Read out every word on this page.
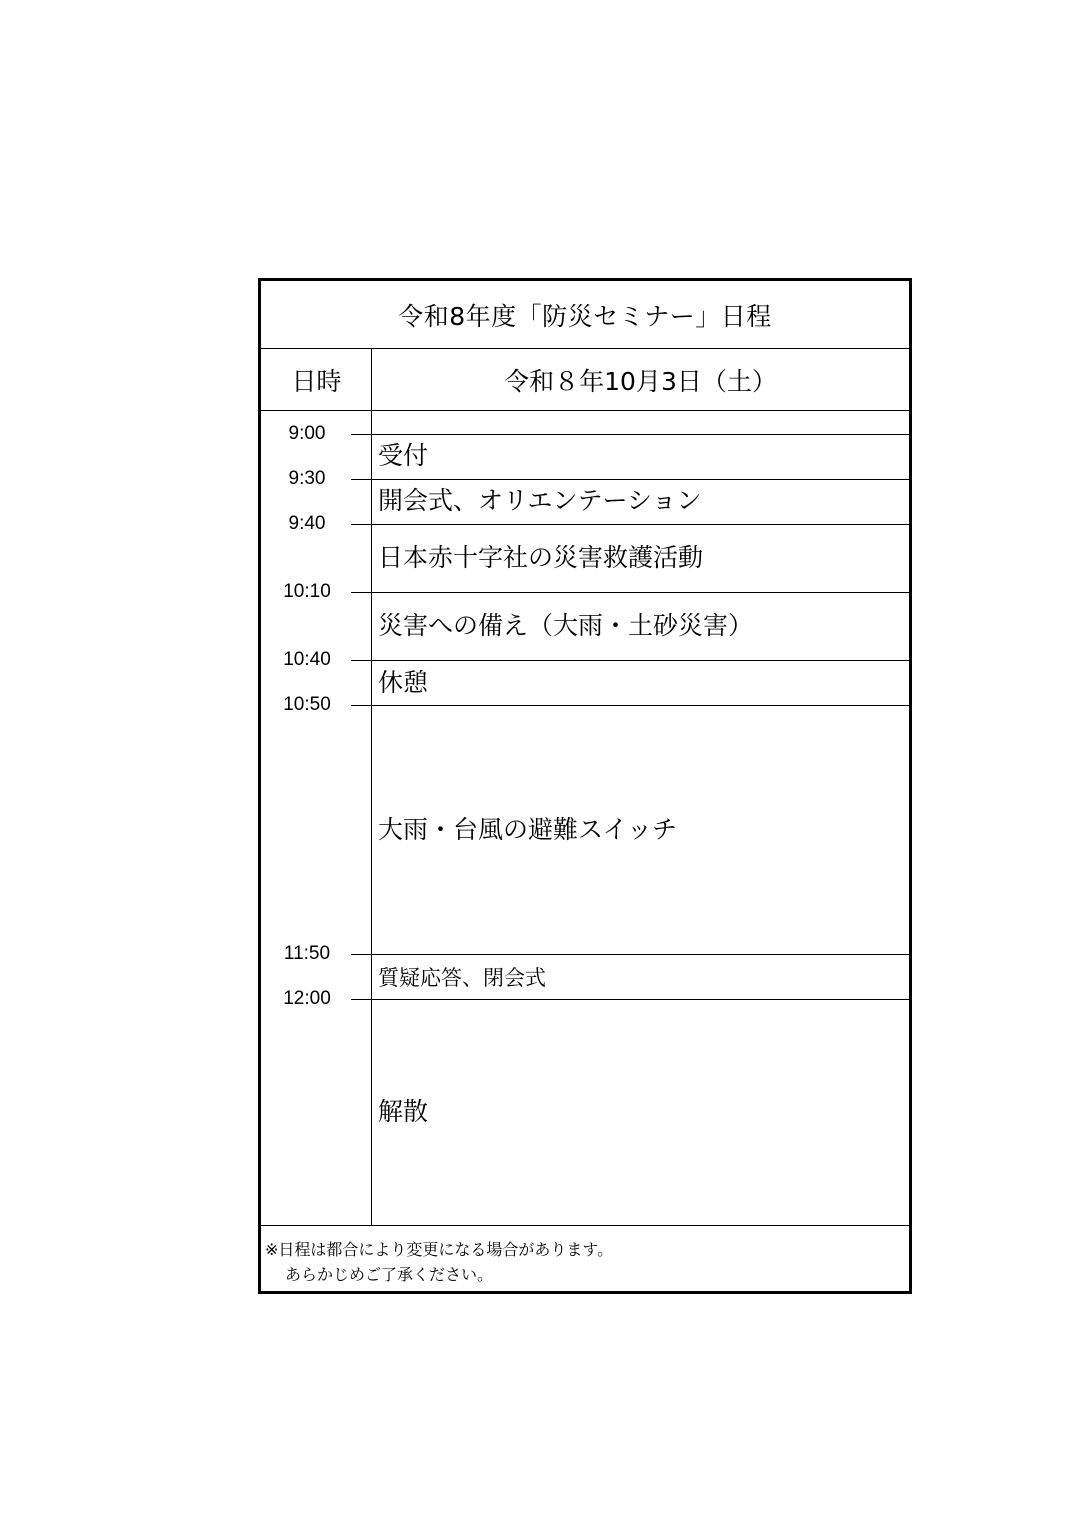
令和8年度「防災セミナー」日程
日時	令和８年10月3日（土）
9:00
9:30
9:40
10:10
10:40
10:50
11:50
12:00
受付
開会式、オリエンテーション
日本赤十字社の災害救護活動
災害への備え（大雨・土砂災害）
休憩
大雨・台風の避難スイッチ
質疑応答、閉会式
解散
※日程は都合により変更になる場合があります。
あらかじめご了承ください。
